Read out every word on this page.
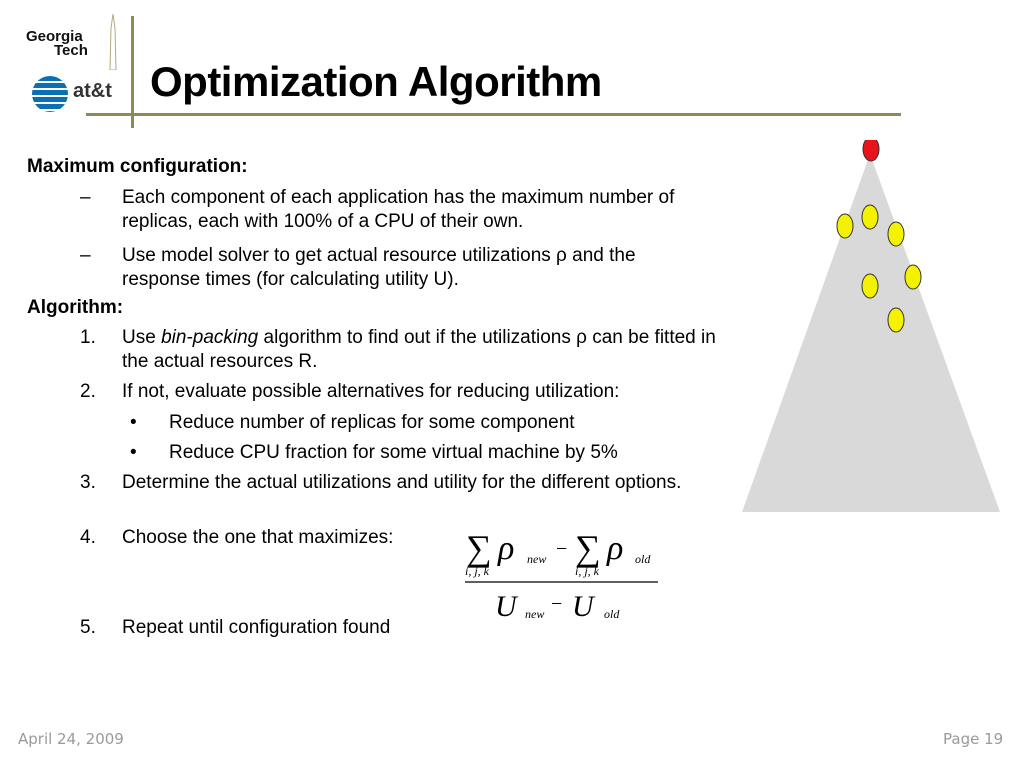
Georgia
Tech
at&t Optimization Algorithm
Maximum configuration:
– Each component of each application has the maximum number of replicas, each with 100% of a CPU of their own.
– Use model solver to get actual resource utilizations ρ and the response times (for calculating utility U).
Algorithm:
1. Use bin-packing algorithm to find out if the utilizations ρ can be fitted in the actual resources R.
2. If not, evaluate possible alternatives for reducing utilization:
• Reduce number of replicas for some component
• Reduce CPU fraction for some virtual machine by 5%
3. Determine the actual utilizations and utility for the different options.
4. Choose the one that maximizes:
5. Repeat until configuration found
∑ ρ new
i, j, k
− ∑ ρ old
i, j, k
U new − U old
April 24, 2009	Page 19
